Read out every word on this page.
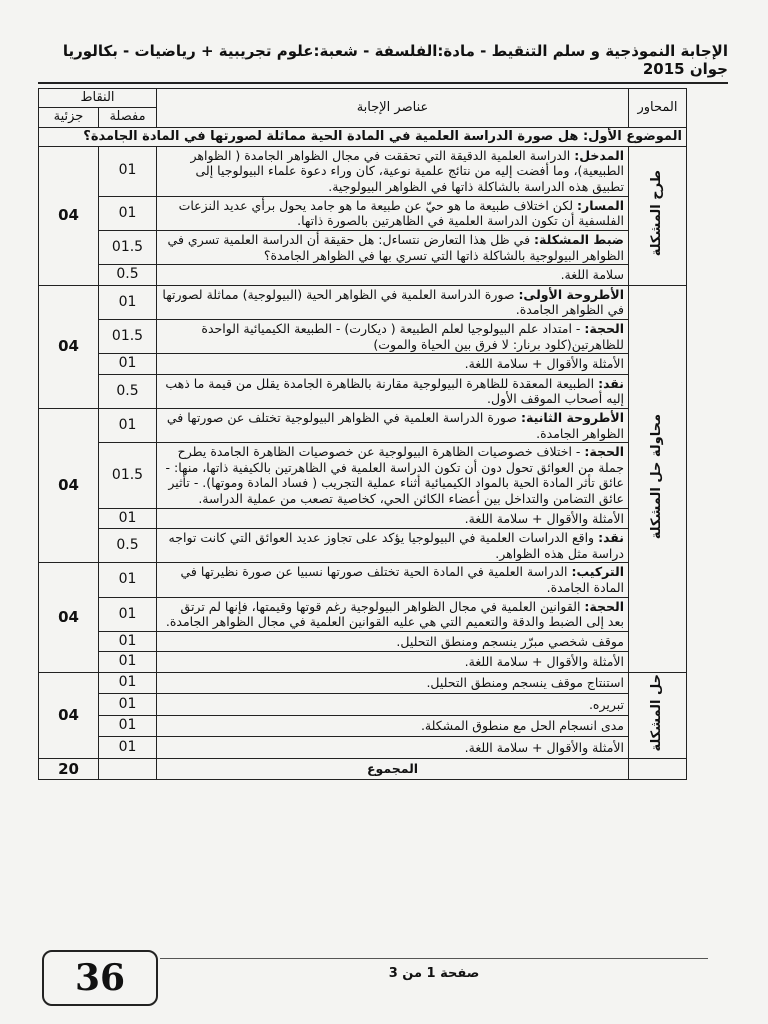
الإجابة النموذجية و سلم التنقيط - مادة:الفلسفة - شعبة:علوم تجريبية + رياضيات - بكالوريا جوان 2015
النقاط		عناصر الإجابة	المحاور
جزئية	مفصلة		
الموضوع الأول: هل صورة الدراسة العلمية في المادة الحية مماثلة لصورتها في المادة الجامدة؟			
04	01	المدخل: الدراسة العلمية الدقيقة التي تحققت في مجال الظواهر الجامدة ( الظواهر الطبيعية)، وما أفضت إليه من نتائج علمية نوعية، كان وراء دعوة علماء البيولوجيا إلى تطبيق هذه الدراسة بالشاكلة ذاتها في الظواهر البيولوجية.	طرح المشكلة
	01	المسار: لكن اختلاف طبيعة ما هو حيّ عن طبيعة ما هو جامد يحول برأي عديد النزعات الفلسفية أن تكون الدراسة العلمية في الظاهرتين بالصورة ذاتها.	
	01.5	ضبط المشكلة: في ظل هذا التعارض نتساءل: هل حقيقة أن الدراسة العلمية تسري في الظواهر البيولوجية بالشاكلة ذاتها التي تسري بها في الظواهر الجامدة؟	
	0.5	سلامة اللغة.	
04	01	الأطروحة الأولى: صورة الدراسة العلمية في الظواهر الحية (البيولوجية) مماثلة لصورتها في الظواهر الجامدة.	محاولة حل المشكلة
	01.5	الحجة: - امتداد علم البيولوجيا لعلم الطبيعة ( ديكارت) - الطبيعة الكيميائية الواحدة للظاهرتين(كلود برنار: لا فرق بين الحياة والموت)	
	01	الأمثلة والأقوال + سلامة اللغة.	
	0.5	نقد: الطبيعة المعقدة للظاهرة البيولوجية مقارنة بالظاهرة الجامدة يقلل من قيمة ما ذهب إليه أصحاب الموقف الأول.	
04	01	الأطروحة الثانية: صورة الدراسة العلمية في الظواهر البيولوجية تختلف عن صورتها في الظواهر الجامدة.	
	01.5	الحجة: - اختلاف خصوصيات الظاهرة البيولوجية عن خصوصيات الظاهرة الجامدة يطرح جملة من العوائق تحول دون أن تكون الدراسة العلمية في الظاهرتين بالكيفية ذاتها، منها: - عائق تأثر المادة الحية بالمواد الكيميائية أثناء عملية التجريب ( فساد المادة وموتها). - تأثير عائق التضامن والتداخل بين أعضاء الكائن الحي، كخاصية تصعب من عملية الدراسة.	
	01	الأمثلة والأقوال + سلامة اللغة.	
	0.5	نقد: واقع الدراسات العلمية في البيولوجيا يؤكد على تجاوز عديد العوائق التي كانت تواجه دراسة مثل هذه الظواهر.	
04	01	التركيب: الدراسة العلمية في المادة الحية تختلف صورتها نسبيا عن صورة نظيرتها في المادة الجامدة.	
	01	الحجة: القوانين العلمية في مجال الظواهر البيولوجية رغم قوتها وقيمتها، فإنها لم ترتق بعد إلى الضبط والدقة والتعميم التي هي عليه القوانين العلمية في مجال الظواهر الجامدة.	
	01	موقف شخصي مبرّر ينسجم ومنطق التحليل.	
	01	الأمثلة والأقوال + سلامة اللغة.	
04	01	استنتاج موقف ينسجم ومنطق التحليل.	حل المشكلة
	01	تبريره.	
	01	مدى انسجام الحل مع منطوق المشكلة.	
	01	الأمثلة والأقوال + سلامة اللغة.	
20		المجموع	
36	صفحة 1 من 3
